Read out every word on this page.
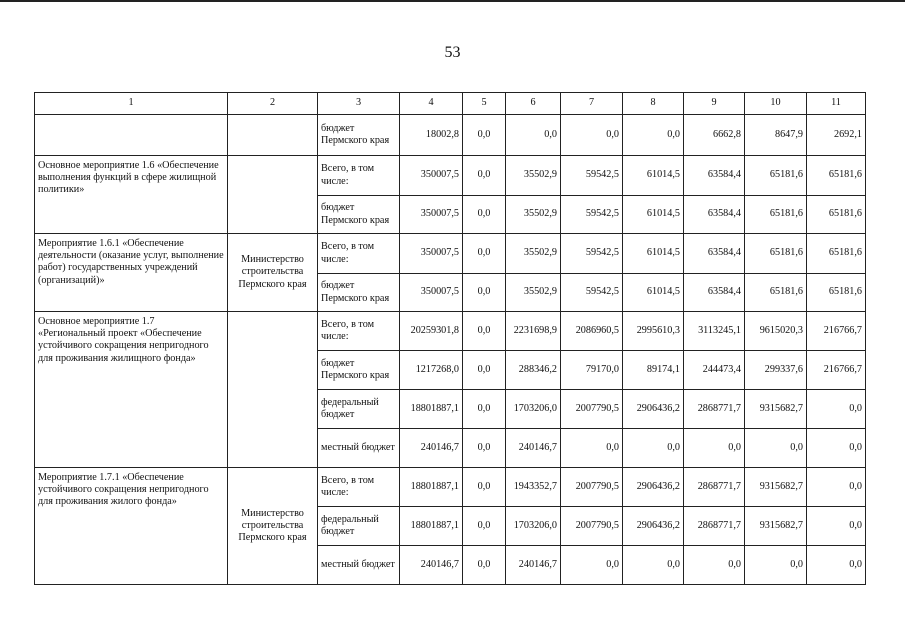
53
1	2	3	4	5	6	7	8	9	10	11
		бюджет Пермского края	18002,8	0,0	0,0	0,0	0,0	6662,8	8647,9	2692,1
Основное мероприятие 1.6 «Обеспечение выполнения функций в сфере жилищной политики»		Всего, в том числе:	350007,5	0,0	35502,9	59542,5	61014,5	63584,4	65181,6	65181,6
		бюджет Пермского края	350007,5	0,0	35502,9	59542,5	61014,5	63584,4	65181,6	65181,6
Мероприятие 1.6.1 «Обеспечение деятельности (оказание услуг, выполнение работ) государственных учреждений (организаций)»	Министерство строительства Пермского края	Всего, в том числе:	350007,5	0,0	35502,9	59542,5	61014,5	63584,4	65181,6	65181,6
		бюджет Пермского края	350007,5	0,0	35502,9	59542,5	61014,5	63584,4	65181,6	65181,6
Основное мероприятие 1.7 «Региональный проект «Обеспечение устойчивого сокращения непригодного для проживания жилищного фонда»		Всего, в том числе:	20259301,8	0,0	2231698,9	2086960,5	2995610,3	3113245,1	9615020,3	216766,7
		бюджет Пермского края	1217268,0	0,0	288346,2	79170,0	89174,1	244473,4	299337,6	216766,7
		федеральный бюджет	18801887,1	0,0	1703206,0	2007790,5	2906436,2	2868771,7	9315682,7	0,0
		местный бюджет	240146,7	0,0	240146,7	0,0	0,0	0,0	0,0	0,0
Мероприятие 1.7.1 «Обеспечение устойчивого сокращения непригодного для проживания жилого фонда»	Министерство строительства Пермского края	Всего, в том числе:	18801887,1	0,0	1943352,7	2007790,5	2906436,2	2868771,7	9315682,7	0,0
		федеральный бюджет	18801887,1	0,0	1703206,0	2007790,5	2906436,2	2868771,7	9315682,7	0,0
		местный бюджет	240146,7	0,0	240146,7	0,0	0,0	0,0	0,0	0,0
